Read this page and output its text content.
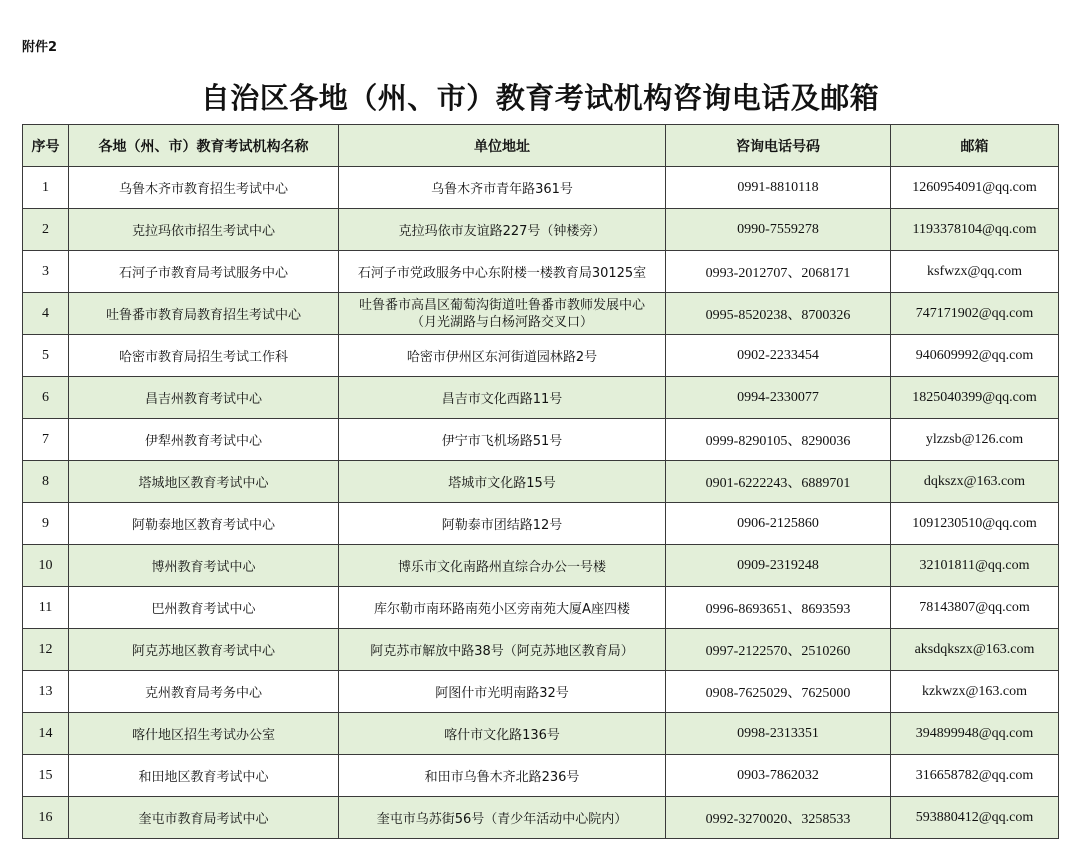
附件2
自治区各地（州、市）教育考试机构咨询电话及邮箱
序号	各地（州、市）教育考试机构名称	单位地址	咨询电话号码	邮箱
1	乌鲁木齐市教育招生考试中心	乌鲁木齐市青年路361号	0991-8810118	1260954091@qq.com
2	克拉玛依市招生考试中心	克拉玛依市友谊路227号（钟楼旁）	0990-7559278	1193378104@qq.com
3	石河子市教育局考试服务中心	石河子市党政服务中心东附楼一楼教育局30125室	0993-2012707、2068171	ksfwzx@qq.com
4	吐鲁番市教育局教育招生考试中心	吐鲁番市高昌区葡萄沟街道吐鲁番市教师发展中心
（月光湖路与白杨河路交叉口）	0995-8520238、8700326	747171902@qq.com
5	哈密市教育局招生考试工作科	哈密市伊州区东河街道园林路2号	0902-2233454	940609992@qq.com
6	昌吉州教育考试中心	昌吉市文化西路11号	0994-2330077	1825040399@qq.com
7	伊犁州教育考试中心	伊宁市飞机场路51号	0999-8290105、8290036	ylzzsb@126.com
8	塔城地区教育考试中心	塔城市文化路15号	0901-6222243、6889701	dqkszx@163.com
9	阿勒泰地区教育考试中心	阿勒泰市团结路12号	0906-2125860	1091230510@qq.com
10	博州教育考试中心	博乐市文化南路州直综合办公一号楼	0909-2319248	32101811@qq.com
11	巴州教育考试中心	库尔勒市南环路南苑小区旁南苑大厦A座四楼	0996-8693651、8693593	78143807@qq.com
12	阿克苏地区教育考试中心	阿克苏市解放中路38号（阿克苏地区教育局）	0997-2122570、2510260	aksdqkszx@163.com
13	克州教育局考务中心	阿图什市光明南路32号	0908-7625029、7625000	kzkwzx@163.com
14	喀什地区招生考试办公室	喀什市文化路136号	0998-2313351	394899948@qq.com
15	和田地区教育考试中心	和田市乌鲁木齐北路236号	0903-7862032	316658782@qq.com
16	奎屯市教育局考试中心	奎屯市乌苏街56号（青少年活动中心院内）	0992-3270020、3258533	593880412@qq.com
